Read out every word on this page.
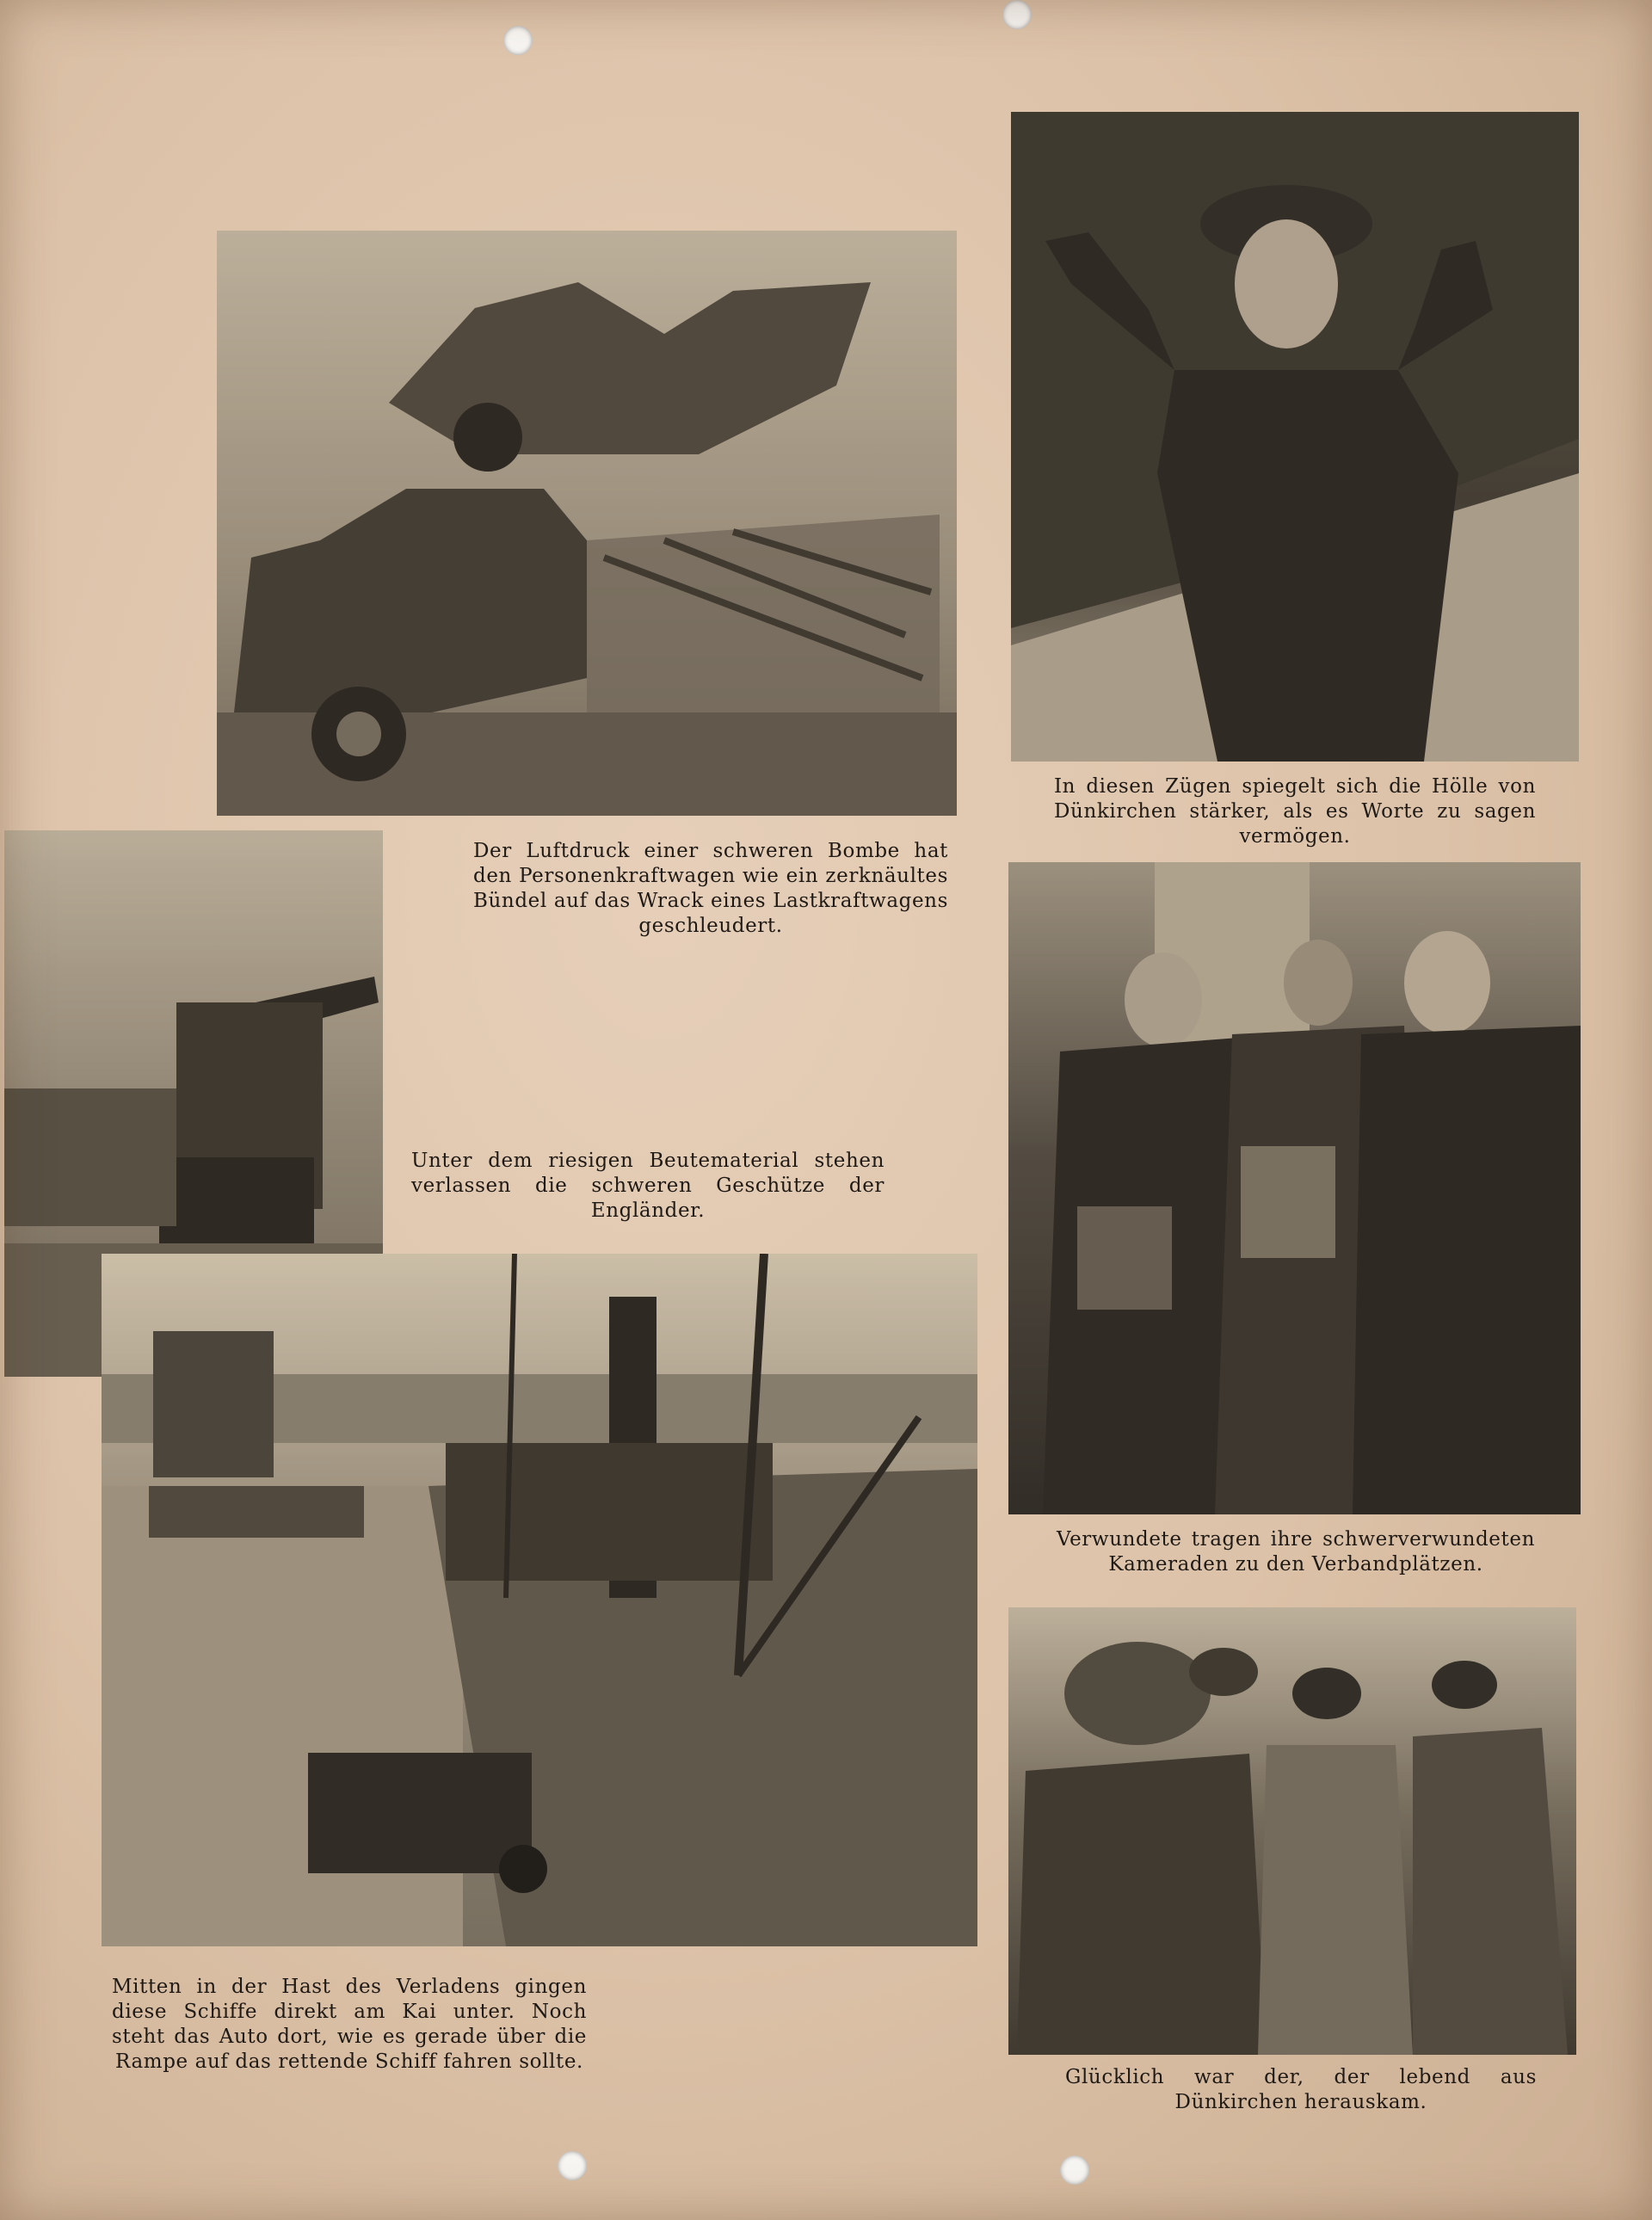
Der Luftdruck einer schweren Bombe hat den Personenkraftwagen wie ein zerknäultes Bündel auf das Wrack eines Lastkraftwagens geschleudert.

In diesen Zügen spiegelt sich die Hölle von Dünkirchen stärker, als es Worte zu sagen vermögen.

Unter dem riesigen Beutematerial stehen verlassen die schweren Geschütze der Engländer.

Mitten in der Hast des Verladens gingen diese Schiffe direkt am Kai unter. Noch steht das Auto dort, wie es gerade über die Rampe auf das rettende Schiff fahren sollte.

Verwundete tragen ihre schwerverwundeten Kameraden zu den Verbandplätzen.

Glücklich war der, der lebend aus Dünkirchen herauskam.
